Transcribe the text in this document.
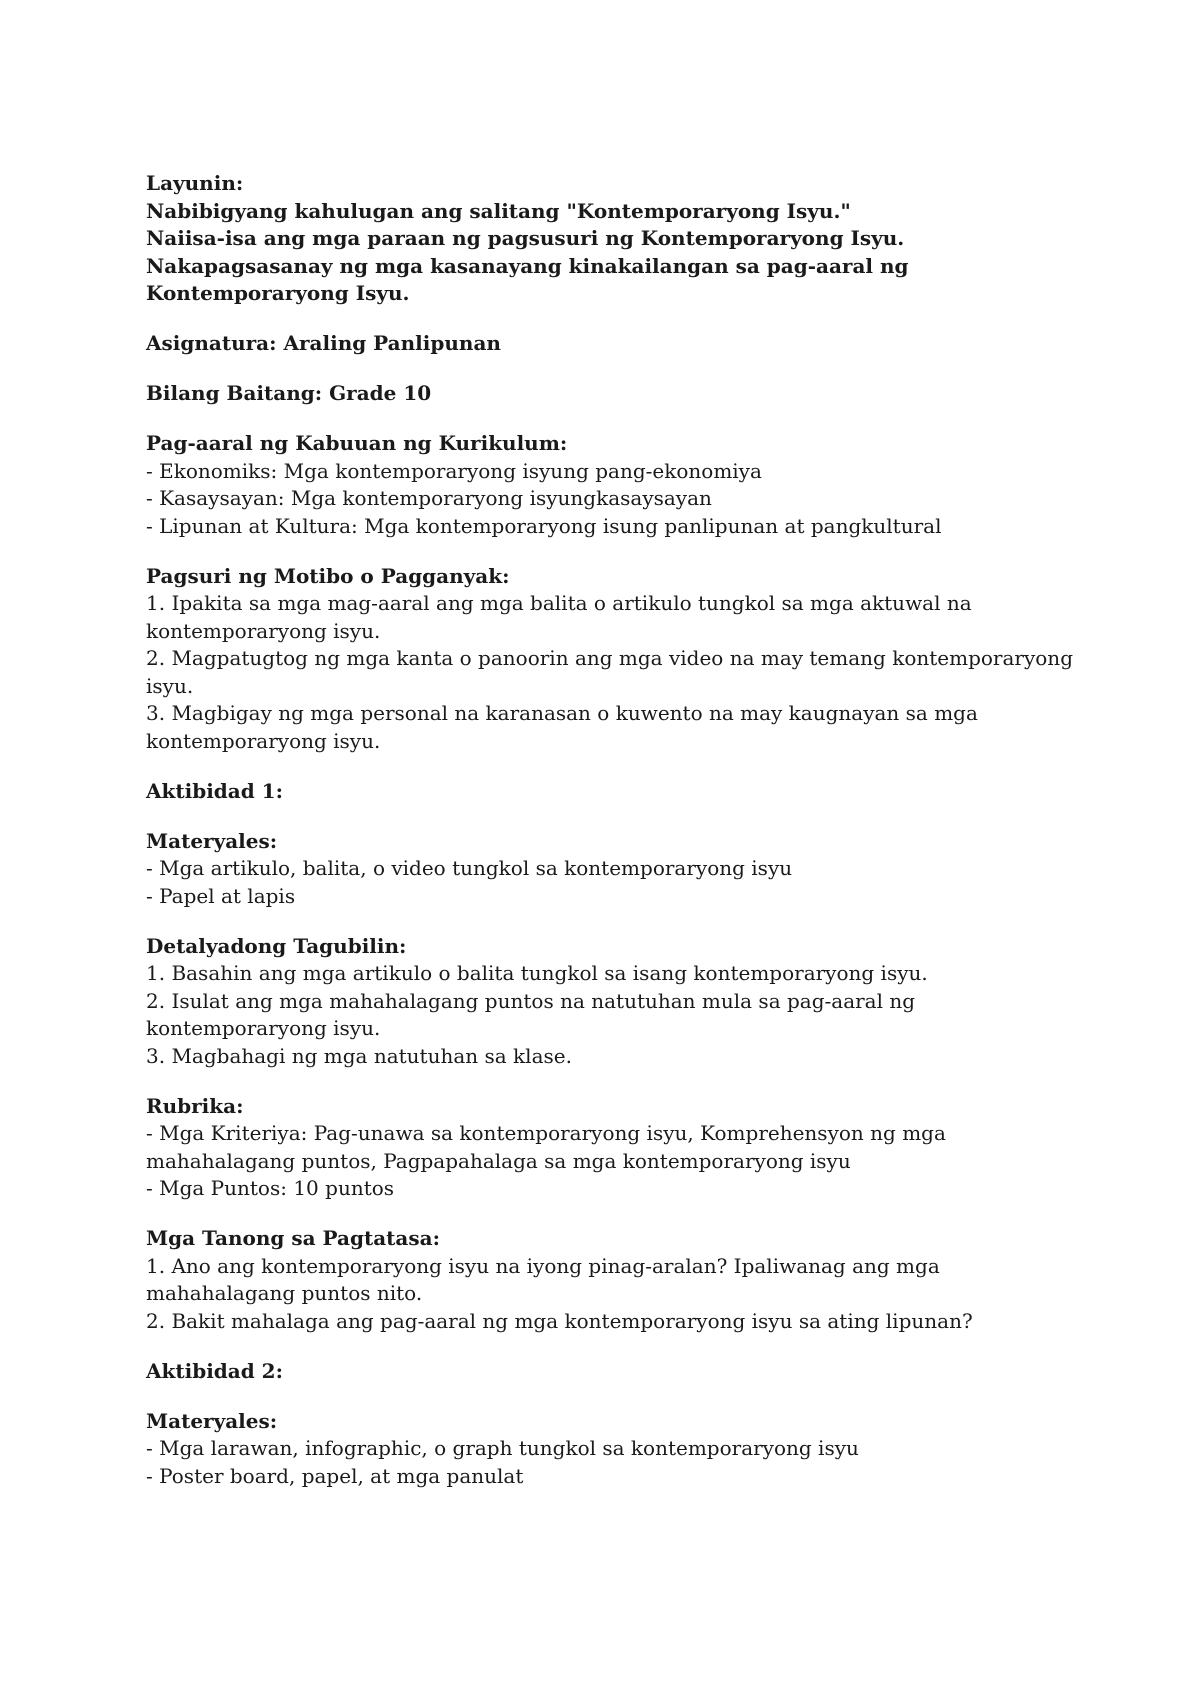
Layunin:
Nabibigyang kahulugan ang salitang "Kontemporaryong Isyu."
Naiisa-isa ang mga paraan ng pagsusuri ng Kontemporaryong Isyu.
Nakapagsasanay ng mga kasanayang kinakailangan sa pag-aaral ng Kontemporaryong Isyu.
Asignatura: Araling Panlipunan
Bilang Baitang: Grade 10
Pag-aaral ng Kabuuan ng Kurikulum:
- Ekonomiks: Mga kontemporaryong isyung pang-ekonomiya
- Kasaysayan: Mga kontemporaryong isyungkasaysayan
- Lipunan at Kultura: Mga kontemporaryong isung panlipunan at pangkultural
Pagsuri ng Motibo o Pagganyak:
1. Ipakita sa mga mag-aaral ang mga balita o artikulo tungkol sa mga aktuwal na kontemporaryong isyu.
2. Magpatugtog ng mga kanta o panoorin ang mga video na may temang kontemporaryong isyu.
3. Magbigay ng mga personal na karanasan o kuwento na may kaugnayan sa mga kontemporaryong isyu.
Aktibidad 1:
Materyales:
- Mga artikulo, balita, o video tungkol sa kontemporaryong isyu
- Papel at lapis
Detalyadong Tagubilin:
1. Basahin ang mga artikulo o balita tungkol sa isang kontemporaryong isyu.
2. Isulat ang mga mahahalagang puntos na natutuhan mula sa pag-aaral ng kontemporaryong isyu.
3. Magbahagi ng mga natutuhan sa klase.
Rubrika:
- Mga Kriteriya: Pag-unawa sa kontemporaryong isyu, Komprehensyon ng mga mahahalagang puntos, Pagpapahalaga sa mga kontemporaryong isyu
- Mga Puntos: 10 puntos
Mga Tanong sa Pagtatasa:
1. Ano ang kontemporaryong isyu na iyong pinag-aralan? Ipaliwanag ang mga mahahalagang puntos nito.
2. Bakit mahalaga ang pag-aaral ng mga kontemporaryong isyu sa ating lipunan?
Aktibidad 2:
Materyales:
- Mga larawan, infographic, o graph tungkol sa kontemporaryong isyu
- Poster board, papel, at mga panulat
